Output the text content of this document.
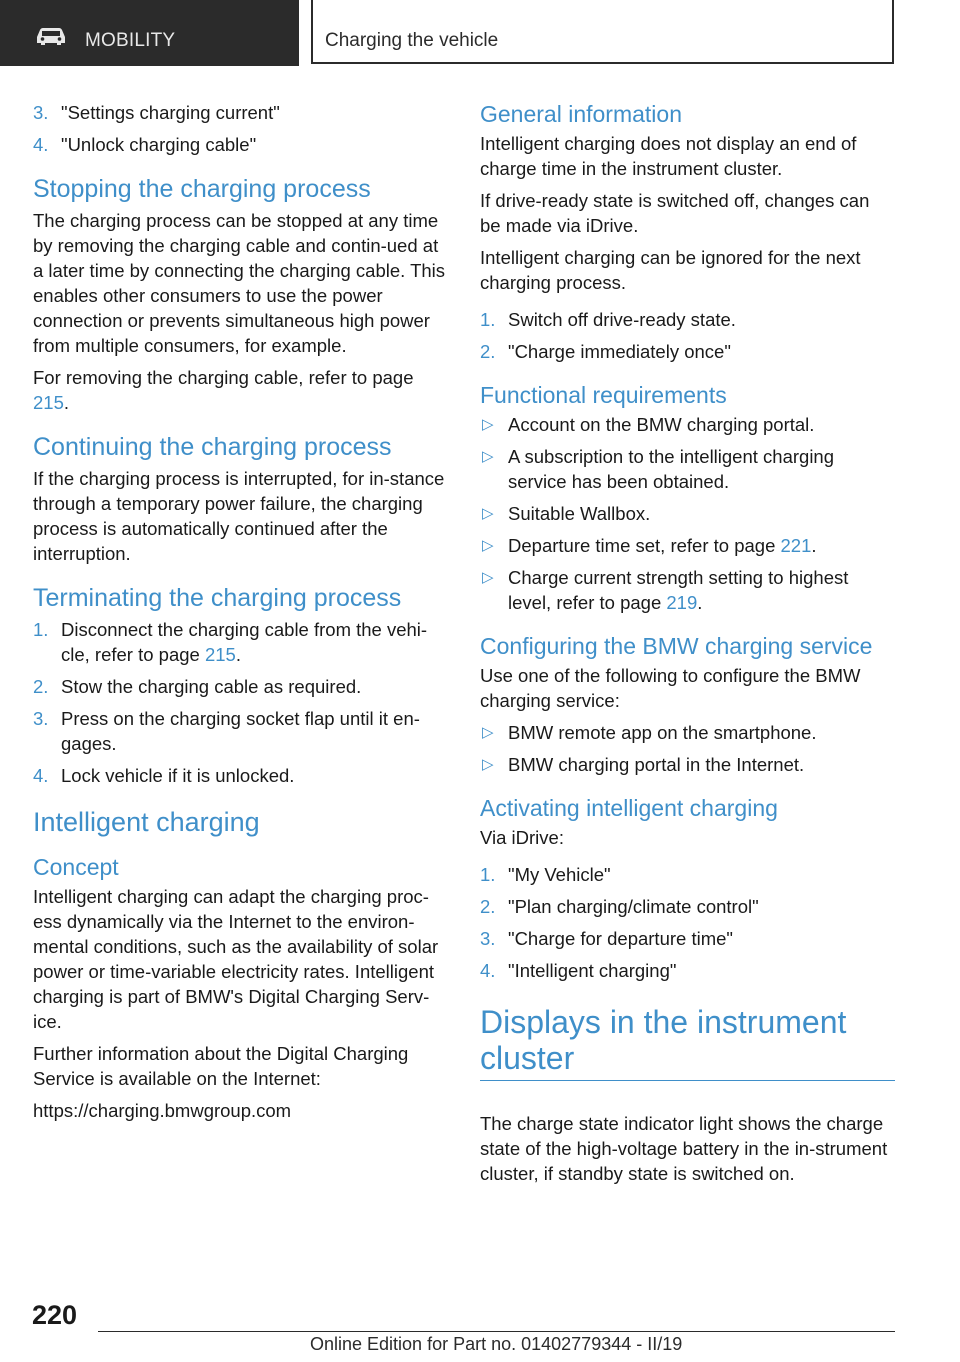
MOBILITY	Charging the vehicle
3. "Settings charging current"
4. "Unlock charging cable"
Stopping the charging process

The charging process can be stopped at any time by removing the charging cable and contin‐ued at a later time by connecting the charging cable. This enables other consumers to use the power connection or prevents simultaneous high power from multiple consumers, for example.

For removing the charging cable, refer to page 215.

Continuing the charging process

If the charging process is interrupted, for in‐stance through a temporary power failure, the charging process is automatically continued after the interruption.

Terminating the charging process
1. Disconnect the charging cable from the vehi‐cle, refer to page 215.
2. Stow the charging cable as required.
3. Press on the charging socket flap until it en‐gages.
4. Lock vehicle if it is unlocked.
Intelligent charging
Concept

Intelligent charging can adapt the charging proc‐ess dynamically via the Internet to the environ‐mental conditions, such as the availability of solar power or time-variable electricity rates. Intelligent charging is part of BMW's Digital Charging Serv‐ice.

Further information about the Digital Charging Service is available on the Internet:

https://charging.bmwgroup.com

General information

Intelligent charging does not display an end of charge time in the instrument cluster.

If drive-ready state is switched off, changes can be made via iDrive.

Intelligent charging can be ignored for the next charging process.

1. Switch off drive-ready state.
2. "Charge immediately once"
Functional requirements
▷ Account on the BMW charging portal.
▷ A subscription to the intelligent charging service has been obtained.
▷ Suitable Wallbox.
▷ Departure time set, refer to page 221.
▷ Charge current strength setting to highest level, refer to page 219.
Configuring the BMW charging service

Use one of the following to configure the BMW charging service:

▷ BMW remote app on the smartphone.
▷ BMW charging portal in the Internet.
Activating intelligent charging

Via iDrive:

1. "My Vehicle"
2. "Plan charging/climate control"
3. "Charge for departure time"
4. "Intelligent charging"
Displays in the instrument cluster

The charge state indicator light shows the charge state of the high-voltage battery in the in‐strument cluster, if standby state is switched on.

220
Online Edition for Part no. 01402779344 - II/19
